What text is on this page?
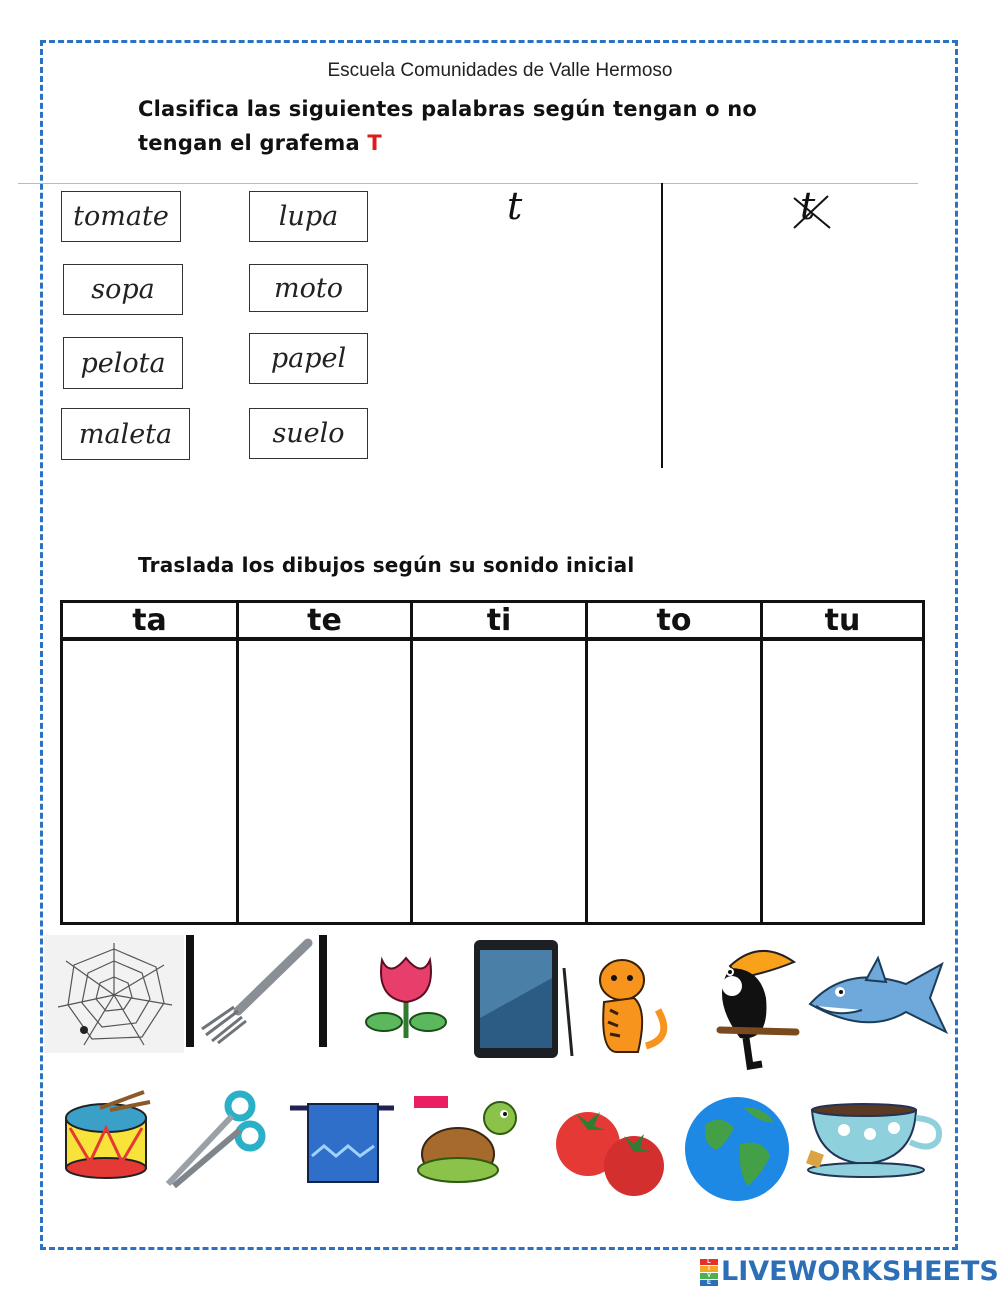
Escuela Comunidades de Valle Hermoso
Clasifica las siguientes palabras según tengan o no tengan el grafema T
tomate	lupa
sopa	moto
pelota	papel
maleta	suelo
t	t
Traslada los dibujos según su sonido inicial
ta	te	ti	to	tu
L
I
V
E LIVEWORKSHEETS
